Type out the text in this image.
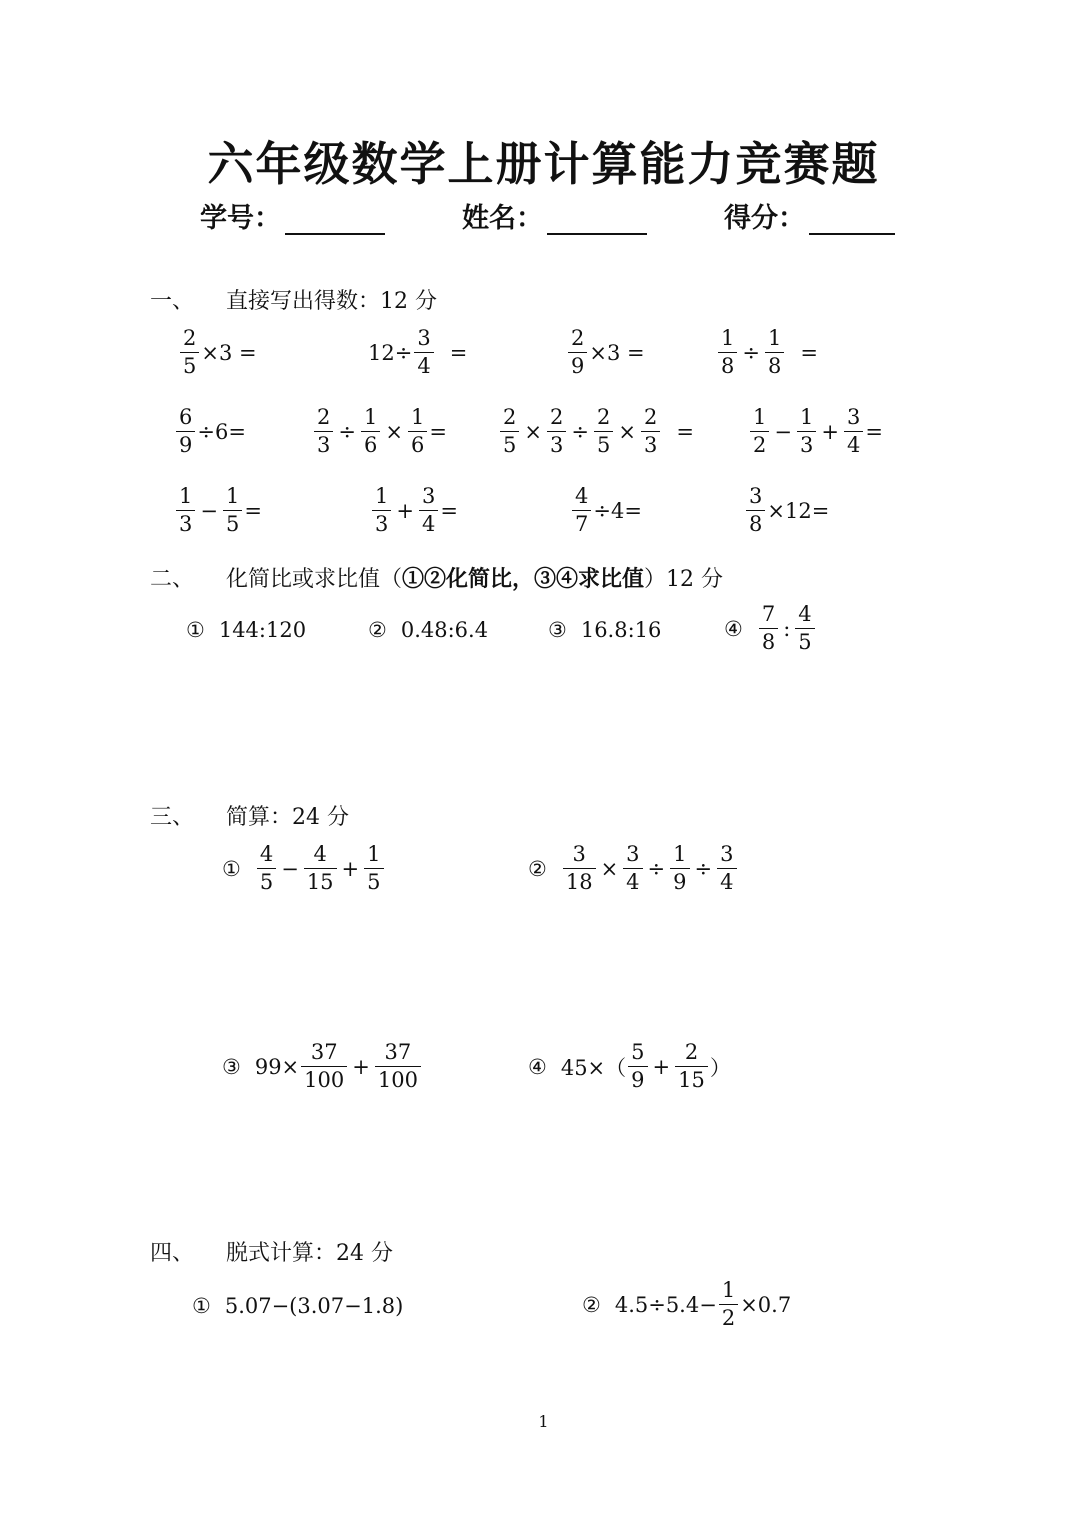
六年级数学上册计算能力竞赛题
学号：	姓名：	得分：
一、 直接写出得数：12 分
$\frac{2}{5} \times 3$ =	$12\div \frac{3}{4}$ =	$\frac{2}{9} \times 3$ =	$\frac{1}{8} \div \frac{1}{8}$ =
$\frac{6}{9} \div 6=$	$\frac{2}{3} \div \frac{1}{6} \times \frac{1}{6}$ =	$\frac{2}{5} \times \frac{2}{3} \div \frac{2}{5} \times \frac{2}{3}$ =	$\frac{1}{2} - \frac{1}{3} + \frac{3}{4}$ =
$\frac{1}{3} - \frac{1}{5}$ =	$\frac{1}{3} + \frac{3}{4}$ =	$\frac{4}{7} \div 4=$	$\frac{3}{8} \times 12=$
二、 化简比或求比值（①②化简比，③④求比值）12 分
① 144:120	② 0.48:6.4	③ 16.8:16	④ $\frac{7}{8}$ : $\frac{4}{5}$
三、 简算：24 分
① $\frac{4}{5} - \frac{4}{15} + \frac{1}{5}$	② $\frac{3}{18} \times \frac{3}{4} \div \frac{1}{9} \div \frac{3}{4}$
③ $99\times \frac{37}{100} + \frac{37}{100}$	④ $45\times( \frac{5}{9} + \frac{2}{15}$ ）
四、 脱式计算：24 分
① 5.07−(3.07−1.8)	② $4.5\div 5.4- \frac{1}{2} \times 0.7$
1
